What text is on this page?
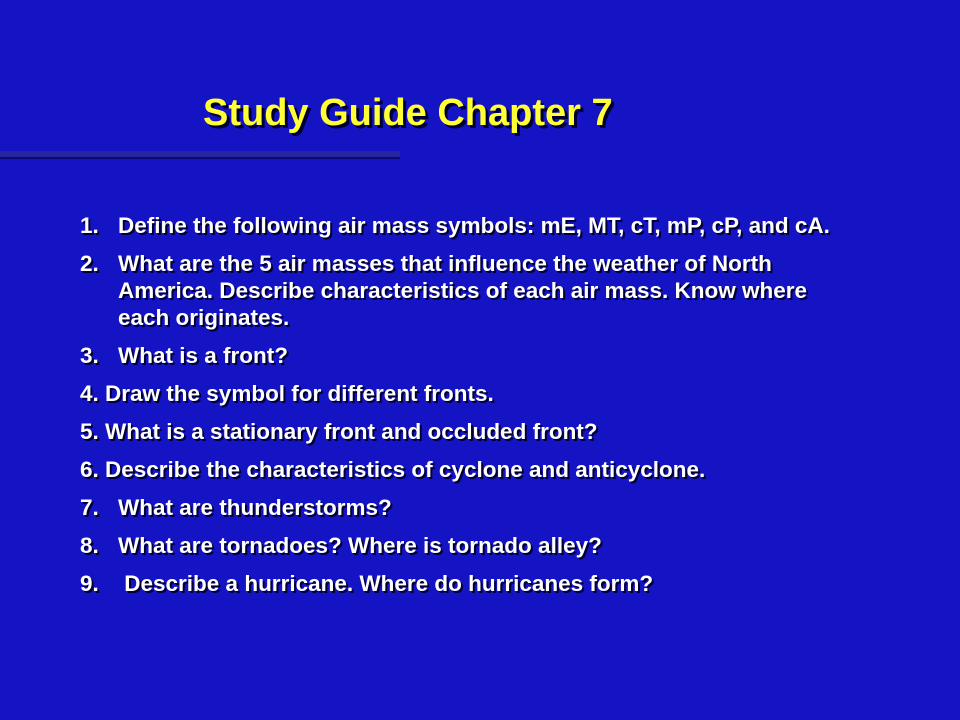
Study Guide Chapter 7
1. Define the following air mass symbols: mE, MT, cT, mP, cP, and cA.
2. What are the 5 air masses that influence the weather of North America. Describe characteristics of each air mass. Know where each originates.
3. What is a front?
4. Draw the symbol for different fronts.
5. What is a stationary front and occluded front?
6. Describe the characteristics of cyclone and anticyclone.
7. What are thunderstorms?
8. What are tornadoes? Where is tornado alley?
9. Describe a hurricane. Where do hurricanes form?
